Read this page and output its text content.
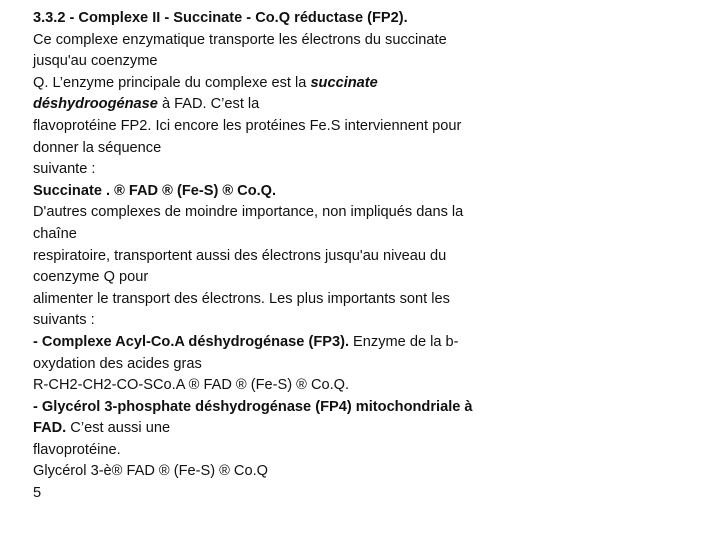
3.3.2 - Complexe II - Succinate - Co.Q réductase (FP2).
Ce complexe enzymatique transporte les électrons du succinate
jusqu'au coenzyme
Q. L’enzyme principale du complexe est la succinate
déshydroogénase à FAD. C’est la
flavoprotéine FP2. Ici encore les protéines Fe.S interviennent pour
donner la séquence
suivante :
Succinate . ® FAD ® (Fe-S) ® Co.Q.
D'autres complexes de moindre importance, non impliqués dans la
chaîne
respiratoire, transportent aussi des électrons jusqu'au niveau du
coenzyme Q pour
alimenter le transport des électrons. Les plus importants sont les
suivants :
- Complexe Acyl-Co.A déshydrogénase (FP3). Enzyme de la b-
oxydation des acides gras
R-CH2-CH2-CO-SCo.A ® FAD ® (Fe-S) ® Co.Q.
- Glycérol 3-phosphate déshydrogénase (FP4) mitochondriale à
FAD. C’est aussi une
flavoprotéine.
Glycérol 3-è® FAD ® (Fe-S) ® Co.Q
5
